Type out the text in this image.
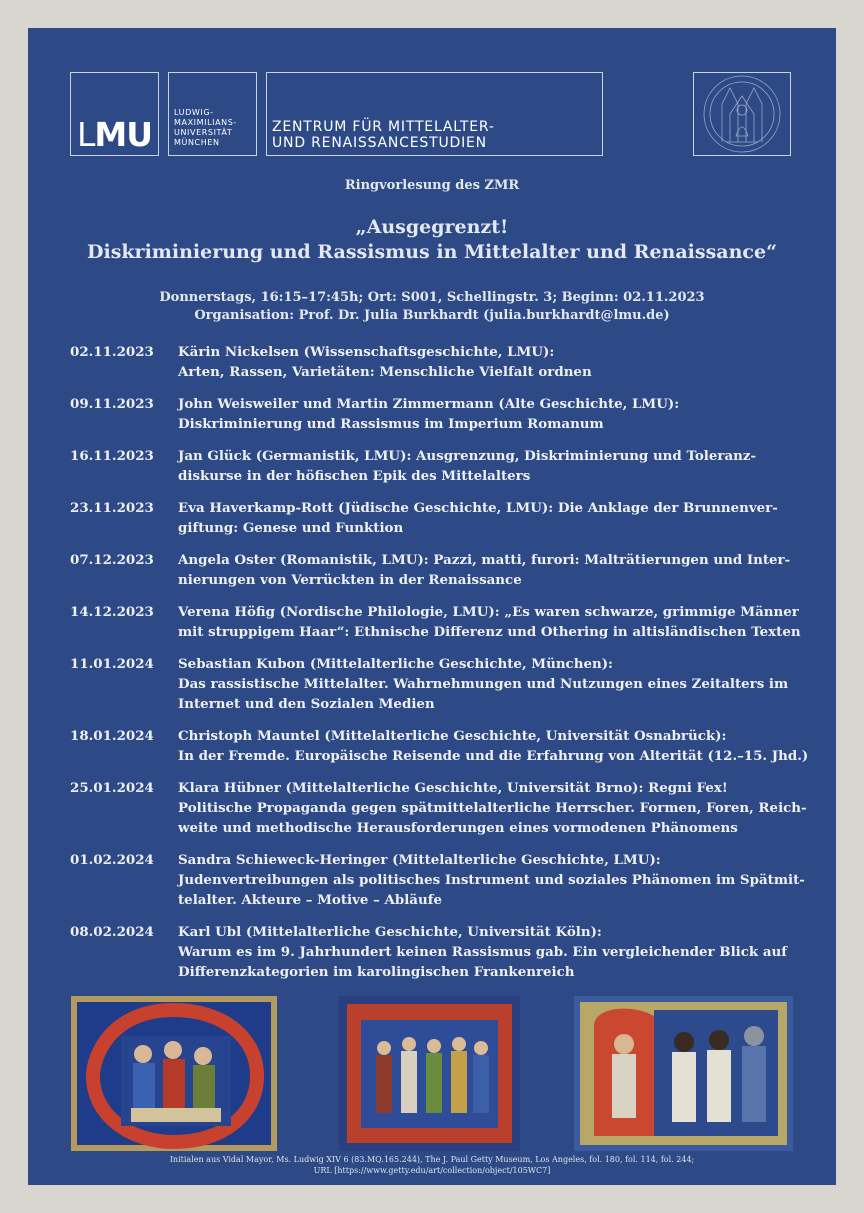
LMU
LUDWIG-
MAXIMILIANS-
UNIVERSITÄT
MÜNCHEN
ZENTRUM FÜR MITTELALTER-
UND RENAISSANCESTUDIEN
Ringvorlesung des ZMR
„Ausgegrenzt!
Diskriminierung und Rassismus in Mittelalter und Renaissance“
Donnerstags, 16:15–17:45h; Ort: S001, Schellingstr. 3; Beginn: 02.11.2023
Organisation: Prof. Dr. Julia Burkhardt (julia.burkhardt@lmu.de)
02.11.2023	Kärin Nickelsen (Wissenschaftsgeschichte, LMU):
Arten, Rassen, Varietäten: Menschliche Vielfalt ordnen
09.11.2023	John Weisweiler und Martin Zimmermann (Alte Geschichte, LMU):
Diskriminierung und Rassismus im Imperium Romanum
16.11.2023	Jan Glück (Germanistik, LMU): Ausgrenzung, Diskriminierung und Toleranz-
diskurse in der höfischen Epik des Mittelalters
23.11.2023	Eva Haverkamp-Rott (Jüdische Geschichte, LMU): Die Anklage der Brunnenver-
giftung: Genese und Funktion
07.12.2023	Angela Oster (Romanistik, LMU): Pazzi, matti, furori: Malträtierungen und Inter-
nierungen von Verrückten in der Renaissance
14.12.2023	Verena Höfig (Nordische Philologie, LMU): „Es waren schwarze, grimmige Männer
mit struppigem Haar“: Ethnische Differenz und Othering in altisländischen Texten
11.01.2024	Sebastian Kubon (Mittelalterliche Geschichte, München):
Das rassistische Mittelalter. Wahrnehmungen und Nutzungen eines Zeitalters im
Internet und den Sozialen Medien
18.01.2024	Christoph Mauntel (Mittelalterliche Geschichte, Universität Osnabrück):
In der Fremde. Europäische Reisende und die Erfahrung von Alterität (12.–15. Jhd.)
25.01.2024	Klara Hübner (Mittelalterliche Geschichte, Universität Brno): Regni Fex!
Politische Propaganda gegen spätmittelalterliche Herrscher. Formen, Foren, Reich-
weite und methodische Herausforderungen eines vormodenen Phänomens
01.02.2024	Sandra Schieweck-Heringer (Mittelalterliche Geschichte, LMU):
Judenvertreibungen als politisches Instrument und soziales Phänomen im Spätmit-
telalter. Akteure – Motive – Abläufe
08.02.2024	Karl Ubl (Mittelalterliche Geschichte, Universität Köln):
Warum es im 9. Jahrhundert keinen Rassismus gab. Ein vergleichender Blick auf
Differenzkategorien im karolingischen Frankenreich
Initialen aus Vidal Mayor, Ms. Ludwig XIV 6 (83.MQ.165.244), The J. Paul Getty Museum, Los Angeles, fol. 180, fol. 114, fol. 244;
URL [https://www.getty.edu/art/collection/object/105WC7]
